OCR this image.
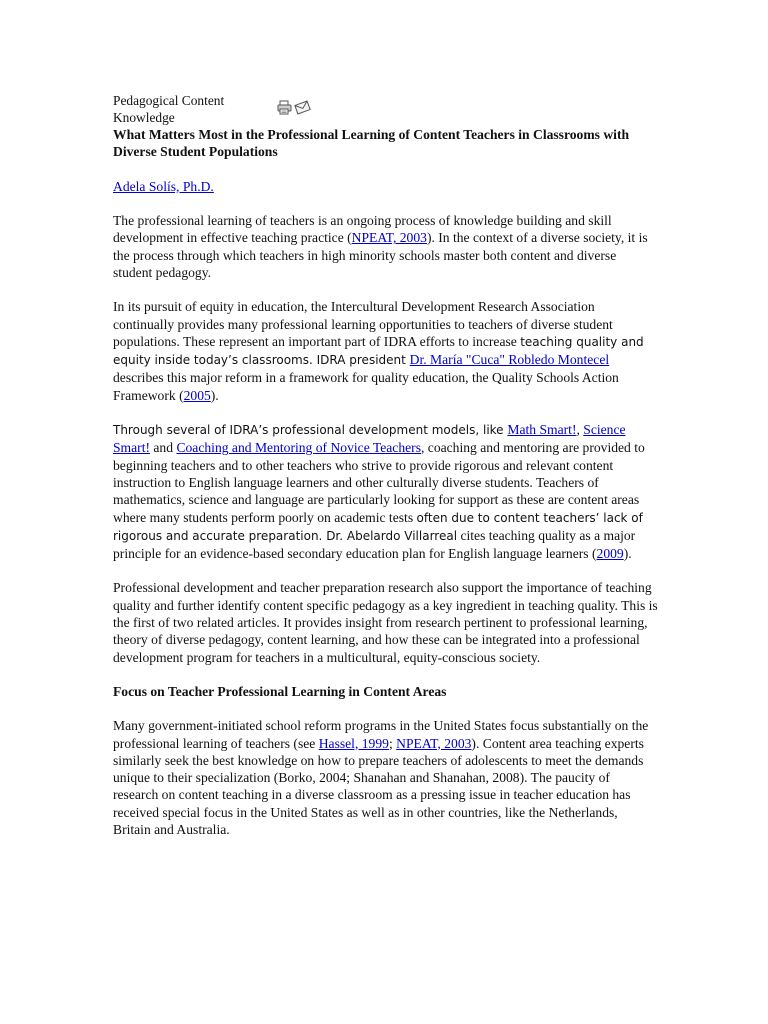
Pedagogical Content
Knowledge
What Matters Most in the Professional Learning of Content Teachers in Classrooms with Diverse Student Populations
Adela Solís, Ph.D.

The professional learning of teachers is an ongoing process of knowledge building and skill development in effective teaching practice (NPEAT, 2003). In the context of a diverse society, it is the process through which teachers in high minority schools master both content and diverse student pedagogy.

In its pursuit of equity in education, the Intercultural Development Research Association continually provides many professional learning opportunities to teachers of diverse student populations. These represent an important part of IDRA efforts to increase teaching quality and equity inside today’s classrooms. IDRA president Dr. María "Cuca" Robledo Montecel describes this major reform in a framework for quality education, the Quality Schools Action Framework (2005).

Through several of IDRA’s professional development models, like Math Smart!, Science Smart! and Coaching and Mentoring of Novice Teachers, coaching and mentoring are provided to beginning teachers and to other teachers who strive to provide rigorous and relevant content instruction to English language learners and other culturally diverse students. Teachers of mathematics, science and language are particularly looking for support as these are content areas where many students perform poorly on academic tests often due to content teachers’ lack of rigorous and accurate preparation. Dr. Abelardo Villarreal cites teaching quality as a major principle for an evidence-based secondary education plan for English language learners (2009).

Professional development and teacher preparation research also support the importance of teaching quality and further identify content specific pedagogy as a key ingredient in teaching quality. This is the first of two related articles. It provides insight from research pertinent to professional learning, theory of diverse pedagogy, content learning, and how these can be integrated into a professional development program for teachers in a multicultural, equity-conscious society.

Focus on Teacher Professional Learning in Content Areas

Many government-initiated school reform programs in the United States focus substantially on the professional learning of teachers (see Hassel, 1999; NPEAT, 2003). Content area teaching experts similarly seek the best knowledge on how to prepare teachers of adolescents to meet the demands unique to their specialization (Borko, 2004; Shanahan and Shanahan, 2008). The paucity of research on content teaching in a diverse classroom as a pressing issue in teacher education has received special focus in the United States as well as in other countries, like the Netherlands, Britain and Australia.
